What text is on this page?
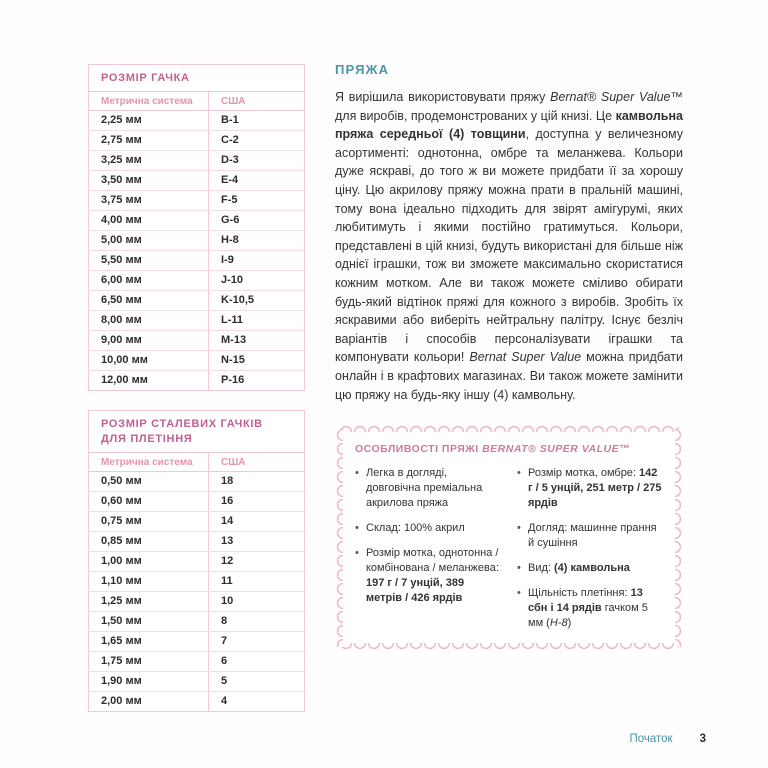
РОЗМІР ГАЧКА	
Метрична система	США
2,25 мм	B-1
2,75 мм	C-2
3,25 мм	D-3
3,50 мм	E-4
3,75 мм	F-5
4,00 мм	G-6
5,00 мм	H-8
5,50 мм	I-9
6,00 мм	J-10
6,50 мм	K-10,5
8,00 мм	L-11
9,00 мм	M-13
10,00 мм	N-15
12,00 мм	P-16
РОЗМІР СТАЛЕВИХ ГАЧКІВ ДЛЯ ПЛЕТІННЯ	
Метрична система	США
0,50 мм	18
0,60 мм	16
0,75 мм	14
0,85 мм	13
1,00 мм	12
1,10 мм	11
1,25 мм	10
1,50 мм	8
1,65 мм	7
1,75 мм	6
1,90 мм	5
2,00 мм	4
ПРЯЖА

Я вирішила використовувати пряжу Bernat® Super Value™ для виробів, продемонстрованих у цій книзі. Це камвольна пряжа середньої (4) товщини, доступна у величезному асортименті: однотонна, омбре та меланжева. Кольори дуже яскраві, до того ж ви можете придбати її за хорошу ціну. Цю акрилову пряжу можна прати в пральній машині, тому вона ідеально підходить для звірят амігурумі, яких любитимуть і якими постійно гратимуться. Кольори, представлені в цій книзі, будуть використані для більше ніж однієї іграшки, тож ви зможете максимально скористатися кожним мотком. Але ви також можете сміливо обирати будь-який відтінок пряжі для кожного з виробів. Зробіть їх яскравими або виберіть нейтральну палітру. Існує безліч варіантів і способів персоналізувати іграшки та компонувати кольори! Bernat Super Value можна придбати онлайн і в крафтових магазинах. Ви також можете замінити цю пряжу на будь-яку іншу (4) камвольну.

ОСОБЛИВОСТІ ПРЯЖІ BERNAT® SUPER VALUE™
• Легка в догляді, довговічна преміальна акрилова пряжа
• Склад: 100% акрил
• Розмір мотка, однотонна / комбінована / меланжева: 197 г / 7 унцій, 389 метрів / 426 ярдів
• Розмір мотка, омбре: 142 г / 5 унцій, 251 метр / 275 ярдів
• Догляд: машинне прання й сушіння
• Вид: (4) камвольна
• Щільність плетіння: 13 сбн і 14 рядів гачком 5 мм (H-8)
Початок 3
